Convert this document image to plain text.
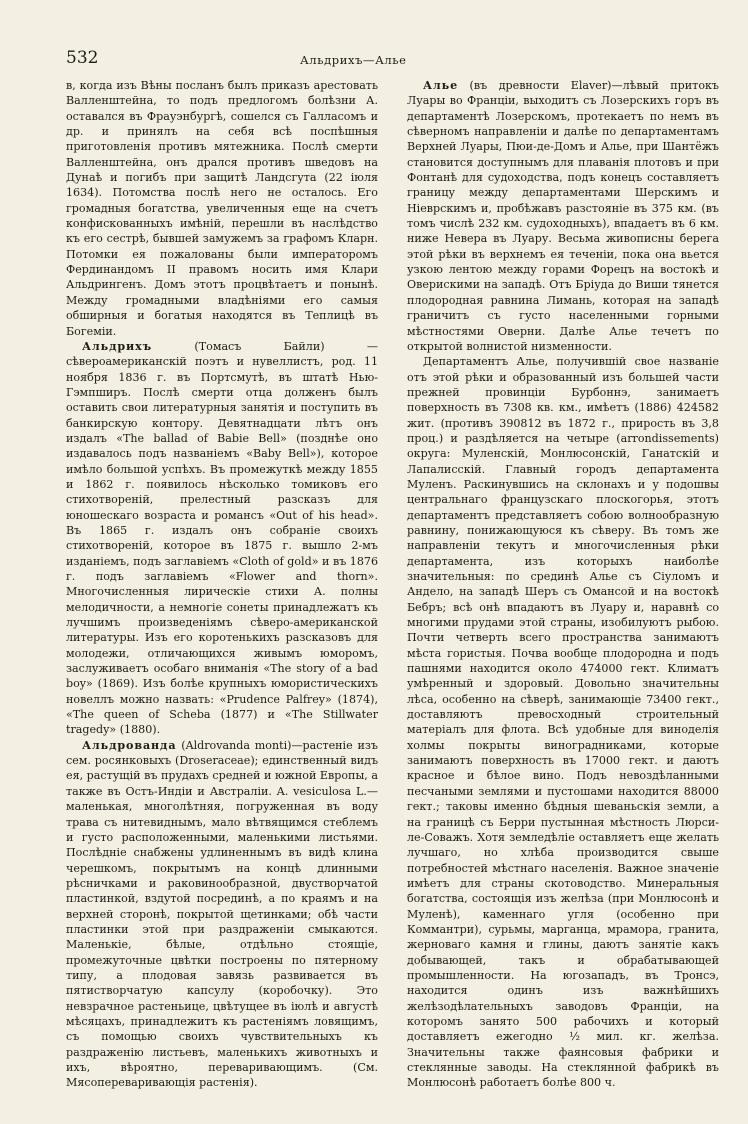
532	Альдрихъ—Алье

в, когда изъ Вѣны посланъ былъ приказъ арестовать Валленштейна, то подъ предлогомъ болѣзни А. оставался въ Фрауэнбургѣ, сошелся съ Галласомъ и др. и принялъ на себя всѣ поспѣшныя приготовленія противъ мятежника. Послѣ смерти Валленштейна, онъ дрался противъ шведовъ на Дунаѣ и погибъ при защитѣ Ландсгута (22 іюля 1634). Потомства послѣ него не осталось. Его громадныя богатства, увеличенныя еще на счетъ конфискованныхъ имѣній, перешли въ наслѣдство къ его сестрѣ, бывшей замужемъ за графомъ Кларн. Потомки ея пожалованы были императоромъ Фердинандомъ II правомъ носить имя Клари Альдрингенъ. Домъ этотъ процвѣтаетъ и понынѣ. Между громадными владѣніями его самыя обширныя и богатыя находятся въ Теплицѣ въ Богеміи.

Альдрихъ (Томасъ Байли) — сѣвероамериканскій поэтъ и нувеллистъ, род. 11 ноября 1836 г. въ Портсмутѣ, въ штатѣ Нью-Гэмпширъ. Послѣ смерти отца долженъ былъ оставить свои литературныя занятія и поступить въ банкирскую контору. Девятнадцати лѣтъ онъ издалъ «The ballad of Babie Bell» (позднѣе оно издавалось подъ названіемъ «Baby Bell»), которое имѣло большой успѣхъ. Въ промежуткѣ между 1855 и 1862 г. появилось нѣсколько томиковъ его стихотвореній, прелестный разсказъ для юношескаго возраста и романсъ «Out of his head». Въ 1865 г. издалъ онъ собраніе своихъ стихотвореній, которое въ 1875 г. вышло 2-мъ изданіемъ, подъ заглавіемъ «Cloth of gold» и въ 1876 г. подъ заглавіемъ «Flower and thorn». Многочисленныя лирическіе стихи А. полны мелодичности, а немногіе сонеты принадлежатъ къ лучшимъ произведеніямъ сѣверо-американской литературы. Изъ его коротенькихъ разсказовъ для молодежи, отличающихся живымъ юморомъ, заслуживаетъ особаго вниманія «The story of a bad boy» (1869). Изъ болѣе крупныхъ юмористическихъ новеллъ можно назвать: «Prudence Palfrey» (1874), «The queen of Scheba (1877) и «The Stillwater tragedy» (1880).

Альдрованда (Aldrovanda monti)—растеніе изъ сем. росянковыхъ (Droseraceae); единственный видъ ея, растущій въ прудахъ средней и южной Европы, а также въ Остъ-Индіи и Австраліи. A. vesiculosa L.—маленькая, многолѣтняя, погруженная въ воду трава съ нитевиднымъ, мало вѣтвящимся стеблемъ и густо расположенными, маленькими листьями. Послѣдніе снабжены удлиненнымъ въ видѣ клина черешкомъ, покрытымъ на концѣ длинными рѣсничками и раковинообразной, двустворчатой пластинкой, вздутой посрединѣ, а по краямъ и на верхней сторонѣ, покрытой щетинками; обѣ части пластинки этой при раздраженіи смыкаются. Маленькіе, бѣлые, отдѣльно стоящіе, промежуточные цвѣтки построены по пятерному типу, а плодовая завязь развивается въ пятистворчатую капсулу (коробочку). Это невзрачное растеньице, цвѣтущее въ іюлѣ и августѣ мѣсяцахъ, принадлежитъ къ растеніямъ ловящимъ, съ помощью своихъ чувствительныхъ къ раздраженію листьевъ, маленькихъ животныхъ и ихъ, вѣроятно, переваривающимъ. (См. Мясопереваривающія растенія).

Алье (въ древности Elaver)—лѣвый притокъ Луары во Франціи, выходитъ съ Лозерскихъ горъ въ департаментѣ Лозерскомъ, протекаетъ по немъ въ сѣверномъ направленіи и далѣе по департаментамъ Верхней Луары, Пюи-де-Домъ и Алье, при Шантёжъ становится доступнымъ для плаванія плотовъ и при Фонтанѣ для судоходства, подъ конецъ составляетъ границу между департаментами Шерскимъ и Ніеврскимъ и, пробѣжавъ разстояніе въ 375 км. (въ томъ числѣ 232 км. судоходныхъ), впадаетъ въ 6 км. ниже Невера въ Луару. Весьма живописны берега этой рѣки въ верхнемъ ея теченіи, пока она вьется узкою лентою между горами Форецъ на востокѣ и Оверискими на западѣ. Отъ Бріуда до Виши тянется плодородная равнина Лимань, которая на западѣ граничитъ съ густо населенными горными мѣстностями Оверни. Далѣе Алье течетъ по открытой волнистой низменности.

Департаментъ Алье, получившій свое названіе отъ этой рѣки и образованный изъ большей части прежней провинціи Бурбоннэ, занимаетъ поверхность въ 7308 кв. км., имѣетъ (1886) 424582 жит. (противъ 390812 въ 1872 г., прирость въ 3,8 проц.) и раздѣляется на четыре (arrondissements) округа: Муленскій, Монлюсонскій, Ганатскій и Лапалисскій. Главный городъ департамента Муленъ. Раскинувшись на склонахъ и у подошвы центральнаго французскаго плоскогорья, этотъ департаментъ представляетъ собою волнообразную равнину, понижающуюся къ сѣверу. Въ томъ же направленіи текутъ и многочисленныя рѣки департамента, изъ которыхъ наиболѣе значительныя: по срединѣ Алье съ Сіуломъ и Андело, на западѣ Шеръ съ Омансой и на востокѣ Бебръ; всѣ онѣ впадаютъ въ Луару и, наравнѣ со многими прудами этой страны, изобилуютъ рыбою. Почти четверть всего пространства занимаютъ мѣста гористыя. Почва вообще плодородна и подъ пашнями находится около 474000 гект. Климатъ умѣренный и здоровый. Довольно значительны лѣса, особенно на сѣверѣ, занимающіе 73400 гект., доставляютъ превосходный строительный матеріалъ для флота. Всѣ удобные для виноделія холмы покрыты виноградниками, которые занимаютъ поверхность въ 17000 гект. и даютъ красное и бѣлое вино. Подъ невоздѣланными песчаными землями и пустошами находится 88000 гект.; таковы именно бѣдныя шеваньскія земли, а на границѣ съ Берри пустынная мѣстность Люрси-ле-Соважъ. Хотя земледѣліе оставляетъ еще желать лучшаго, но хлѣба производится свыше потребностей мѣстнаго населенія. Важное значеніе имѣетъ для страны скотоводство. Минеральныя богатства, состоящія изъ желѣза (при Монлюсонѣ и Муленѣ), каменнаго угля (особенно при Коммантри), сурьмы, марганца, мрамора, гранита, жерноваго камня и глины, даютъ занятіе какъ добывающей, такъ и обрабатывающей промышленности. На югозападъ, въ Тронсэ, находится одинъ изъ важнѣйшихъ желѣзодѣлательныхъ заводовъ Франціи, на которомъ занято 500 рабочихъ и который доставляетъ ежегодно ½ мил. кг. желѣза. Значительны также фаянсовыя фабрики и стеклянные заводы. На стеклянной фабрикѣ въ Монлюсонѣ работаетъ болѣе 800 ч.
